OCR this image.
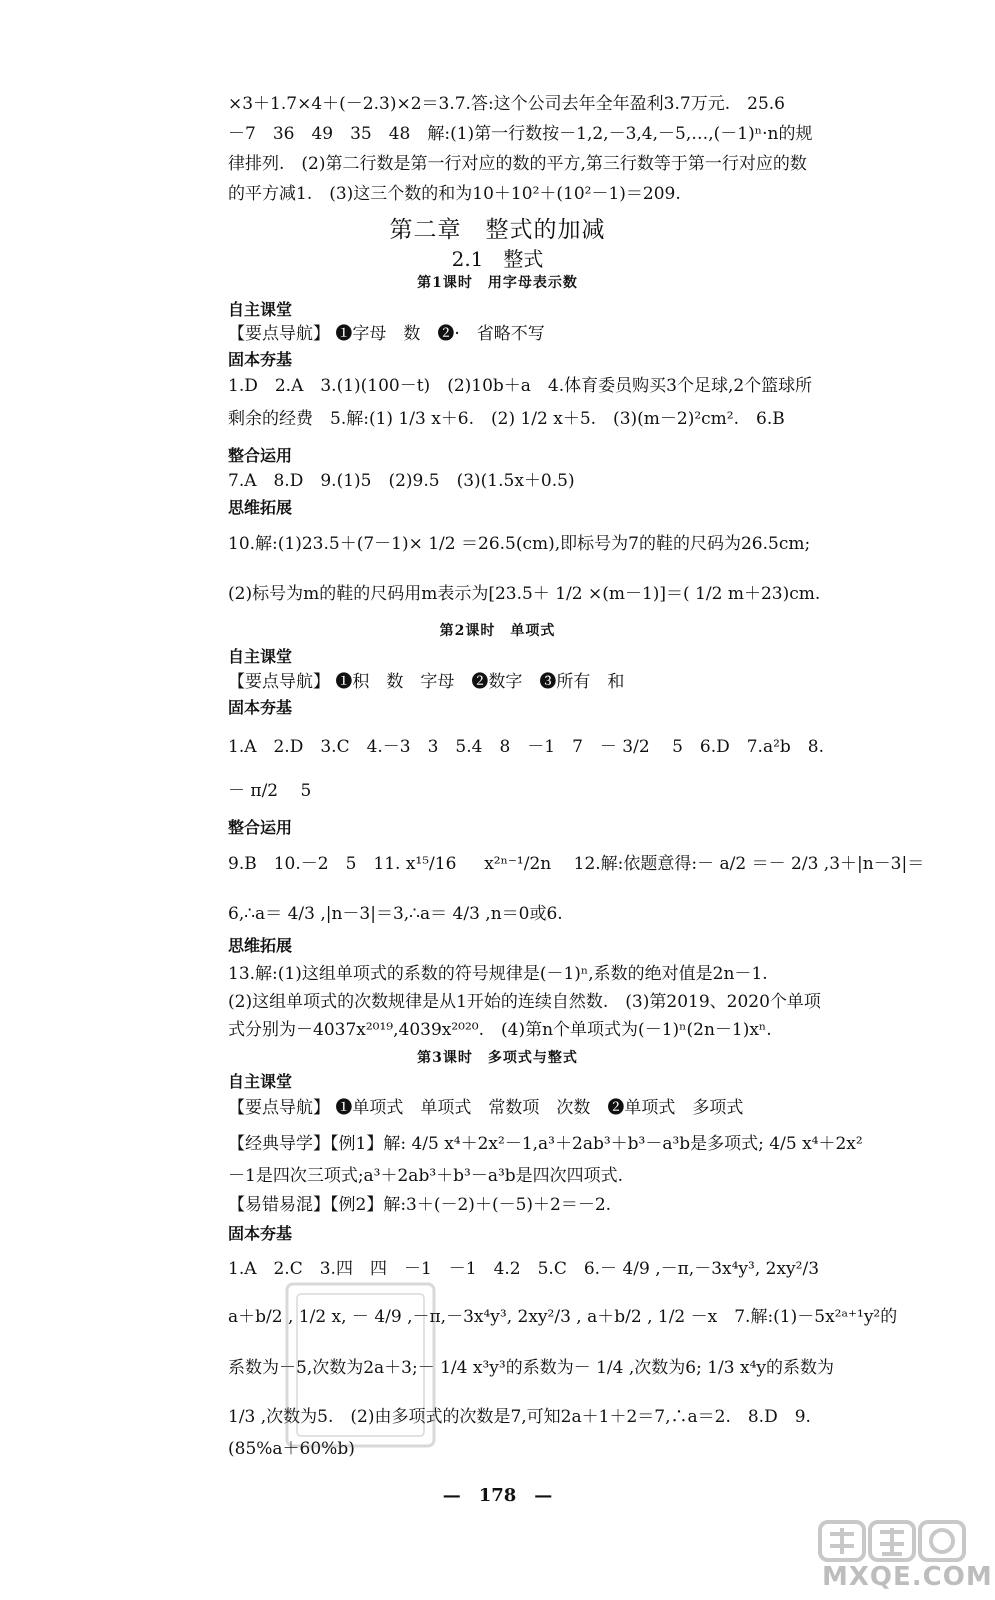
×3＋1.7×4＋(－2.3)×2＝3.7.答:这个公司去年全年盈利3.7万元.　25.6
－7　36　49　35　48　解:(1)第一行数按－1,2,－3,4,－5,…,(－1)ⁿ·n的规
律排列.　(2)第二行数是第一行对应的数的平方,第三行数等于第一行对应的数
的平方减1.　(3)这三个数的和为10＋10²＋(10²－1)＝209.
第二章　整式的加减
2.1　整式
第1课时　用字母表示数
自主课堂
【要点导航】 ❶字母　数　❷·　省略不写
固本夯基
1.D　2.A　3.(1)(100－t)　(2)10b＋a　4.体育委员购买3个足球,2个篮球所
剩余的经费　5.解:(1) 1/3 x＋6.　(2) 1/2 x＋5.　(3)(m－2)²cm².　6.B
整合运用
7.A　8.D　9.(1)5　(2)9.5　(3)(1.5x＋0.5)
思维拓展
10.解:(1)23.5＋(7－1)× 1/2 ＝26.5(cm),即标号为7的鞋的尺码为26.5cm;
(2)标号为m的鞋的尺码用m表示为[23.5＋ 1/2 ×(m－1)]＝( 1/2 m＋23)cm.
第2课时　单项式
自主课堂
【要点导航】 ❶积　数　字母　❷数字　❸所有　和
固本夯基
1.A　2.D　3.C　4.－3　3　5.4　8　－1　7　－ 3/2 　5　6.D　7.a²b　8.
－ π/2 　5
整合运用
9.B　10.－2　5　11. x¹⁵/16 　 x²ⁿ⁻¹/2n 　12.解:依题意得:－ a/2 ＝－ 2/3 ,3＋|n－3|＝
6,∴a＝ 4/3 ,|n－3|＝3,∴a＝ 4/3 ,n＝0或6.
思维拓展
13.解:(1)这组单项式的系数的符号规律是(－1)ⁿ,系数的绝对值是2n－1.
(2)这组单项式的次数规律是从1开始的连续自然数.　(3)第2019、2020个单项
式分别为－4037x²⁰¹⁹,4039x²⁰²⁰.　(4)第n个单项式为(－1)ⁿ(2n－1)xⁿ.
第3课时　多项式与整式
自主课堂
【要点导航】 ❶单项式　单项式　常数项　次数　❷单项式　多项式
【经典导学】【例1】解: 4/5 x⁴＋2x²－1,a³＋2ab³＋b³－a³b是多项式; 4/5 x⁴＋2x²
－1是四次三项式;a³＋2ab³＋b³－a³b是四次四项式.
【易错易混】【例2】解:3＋(－2)＋(－5)＋2＝－2.
固本夯基
1.A　2.C　3.四　四　－1　－1　4.2　5.C　6.－ 4/9 ,－π,－3x⁴y³, 2xy²/3
a＋b/2 , 1/2 x, － 4/9 ,－π,－3x⁴y³, 2xy²/3 , a＋b/2 , 1/2 －x　7.解:(1)－5x²ᵃ⁺¹y²的
系数为－5,次数为2a＋3;－ 1/4 x³y³的系数为－ 1/4 ,次数为6; 1/3 x⁴y的系数为
1/3 ,次数为5.　(2)由多项式的次数是7,可知2a＋1＋2＝7,∴a＝2.　8.D　9.
(85%a＋60%b)
—　178　—
MXQE.COM
